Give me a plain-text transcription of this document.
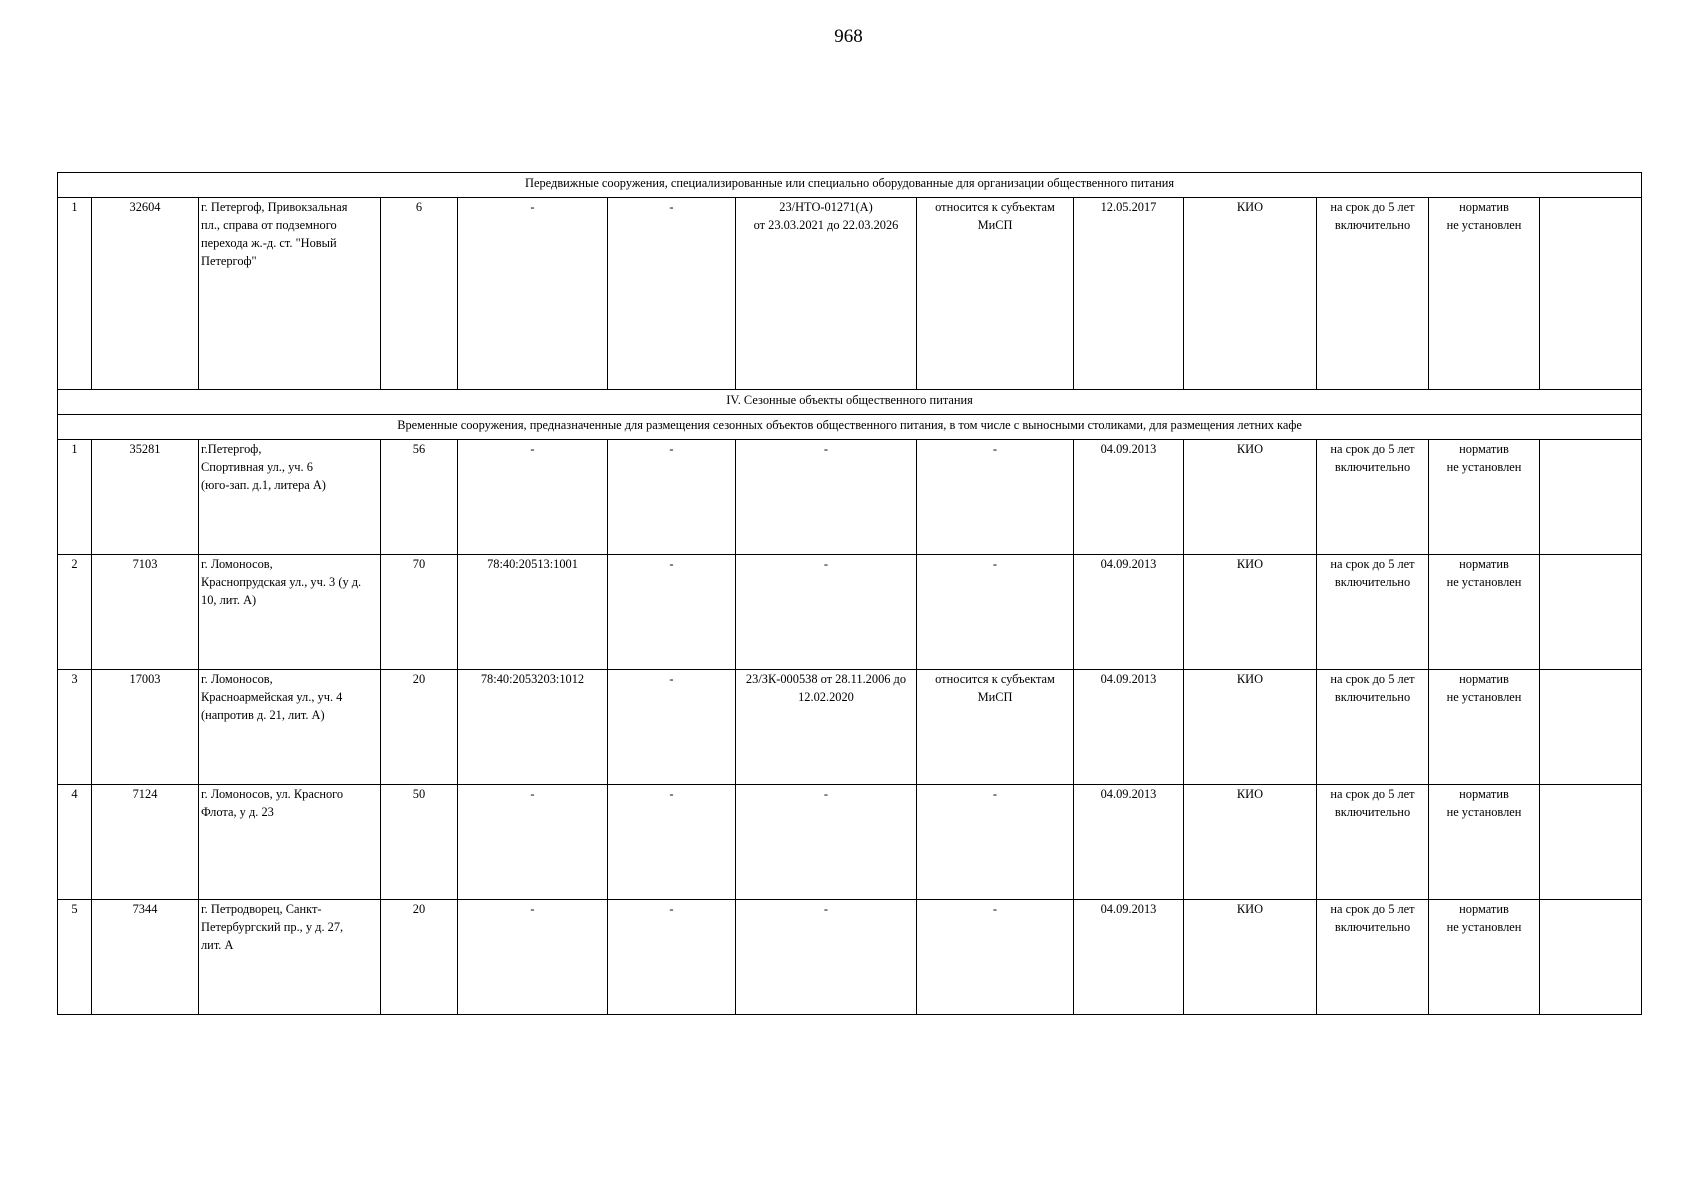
968
Передвижные сооружения, специализированные или специально оборудованные для организации общественного питания												
1	32604	г. Петергоф, Привокзальная
пл., справа от подземного
перехода ж.-д. ст. "Новый
Петергоф"	6	-	-	23/НТО-01271(А)
от 23.03.2021 до 22.03.2026	относится к субъектам
МиСП	12.05.2017	КИО	на срок до 5 лет
включительно	норматив
не установлен	

IV. Сезонные объекты общественного питания												
Временные сооружения, предназначенные для размещения сезонных объектов общественного питания, в том числе с выносными столиками, для размещения летних кафе												
1	35281	г.Петергоф,
Спортивная ул., уч. 6
(юго-зап. д.1, литера А)	56	-	-	-	-	04.09.2013	КИО	на срок до 5 лет
включительно	норматив
не установлен	

2	7103	г. Ломоносов,
Краснопрудская ул., уч. 3 (у д.
10, лит. А)	70	78:40:20513:1001	-	-	-	04.09.2013	КИО	на срок до 5 лет
включительно	норматив
не установлен	

3	17003	г. Ломоносов,
Красноармейская ул., уч. 4
(напротив д. 21, лит. А)	20	78:40:2053203:1012	-	23/ЗК-000538 от 28.11.2006 до
12.02.2020	относится к субъектам
МиСП	04.09.2013	КИО	на срок до 5 лет
включительно	норматив
не установлен	

4	7124	г. Ломоносов, ул. Красного
Флота, у д. 23	50	-	-	-	-	04.09.2013	КИО	на срок до 5 лет
включительно	норматив
не установлен	

5	7344	г. Петродворец, Санкт-
Петербургский пр., у д. 27,
лит. А	20	-	-	-	-	04.09.2013	КИО	на срок до 5 лет
включительно	норматив
не установлен	
